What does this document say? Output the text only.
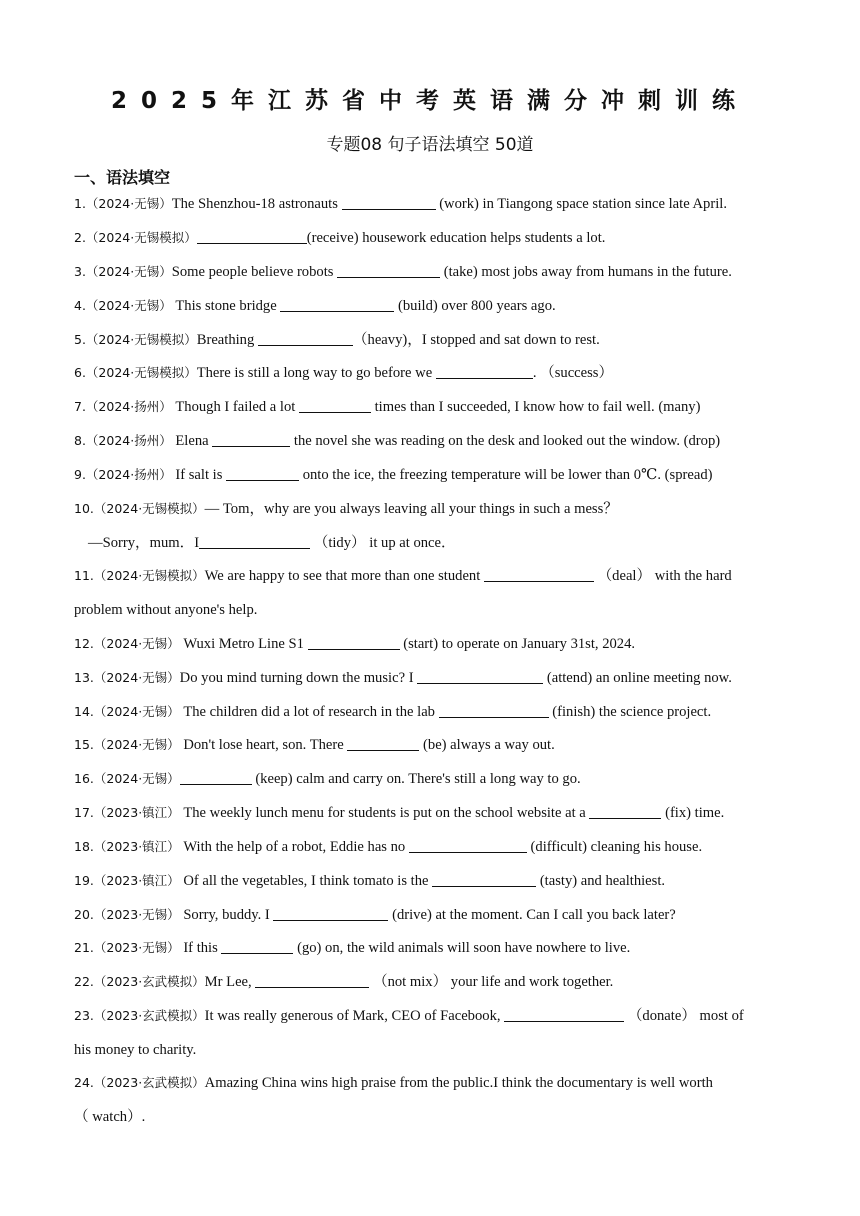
2025年江苏省中考英语满分冲刺训练
专题08 句子语法填空 50道
一、语法填空
1.（2024·无锡）The Shenzhou-18 astronauts	(work) in Tiangong space station since late April.
2.（2024·无锡模拟）	(receive) housework education helps students a lot.
3.（2024·无锡）Some people believe robots	(take) most jobs away from humans in the future.
4.（2024·无锡） This stone bridge	(build) over 800 years ago.
5.（2024·无锡模拟）Breathing	（heavy)，I stopped and sat down to rest.
6.（2024·无锡模拟）There is still a long way to go before we	. （success）
7.（2024·扬州） Though I failed a lot	times than I succeeded, I know how to fail well. (many)
8.（2024·扬州） Elena	the novel she was reading on the desk and looked out the window. (drop)
9.（2024·扬州） If salt is	onto the ice, the freezing temperature will be lower than 0℃. (spread)
10.（2024·无锡模拟）— Tom，why are you always leaving all your things in such a mess？
—Sorry，mum．I	（tidy） it up at once．
11.（2024·无锡模拟）We are happy to see that more than one student	（deal） with the hard
problem without anyone's help.
12.（2024·无锡） Wuxi Metro Line S1	(start) to operate on January 31st, 2024.
13.（2024·无锡）Do you mind turning down the music? I	(attend) an online meeting now.
14.（2024·无锡） The children did a lot of research in the lab	(finish) the science project.
15.（2024·无锡） Don't lose heart, son. There	(be) always a way out.
16.（2024·无锡）	(keep) calm and carry on. There's still a long way to go.
17.（2023·镇江） The weekly lunch menu for students is put on the school website at a	(fix) time.
18.（2023·镇江） With the help of a robot, Eddie has no	(difficult) cleaning his house.
19.（2023·镇江） Of all the vegetables, I think tomato is the	(tasty) and healthiest.
20.（2023·无锡） Sorry, buddy. I	(drive) at the moment. Can I call you back later?
21.（2023·无锡） If this	(go) on, the wild animals will soon have nowhere to live.
22.（2023·玄武模拟）Mr Lee,	（not mix） your life and work together.
23.（2023·玄武模拟）It was really generous of Mark, CEO of Facebook,	（donate） most of
his money to charity.
24.（2023·玄武模拟）Amazing China wins high praise from the public.I think the documentary is well worth
（ watch）.
